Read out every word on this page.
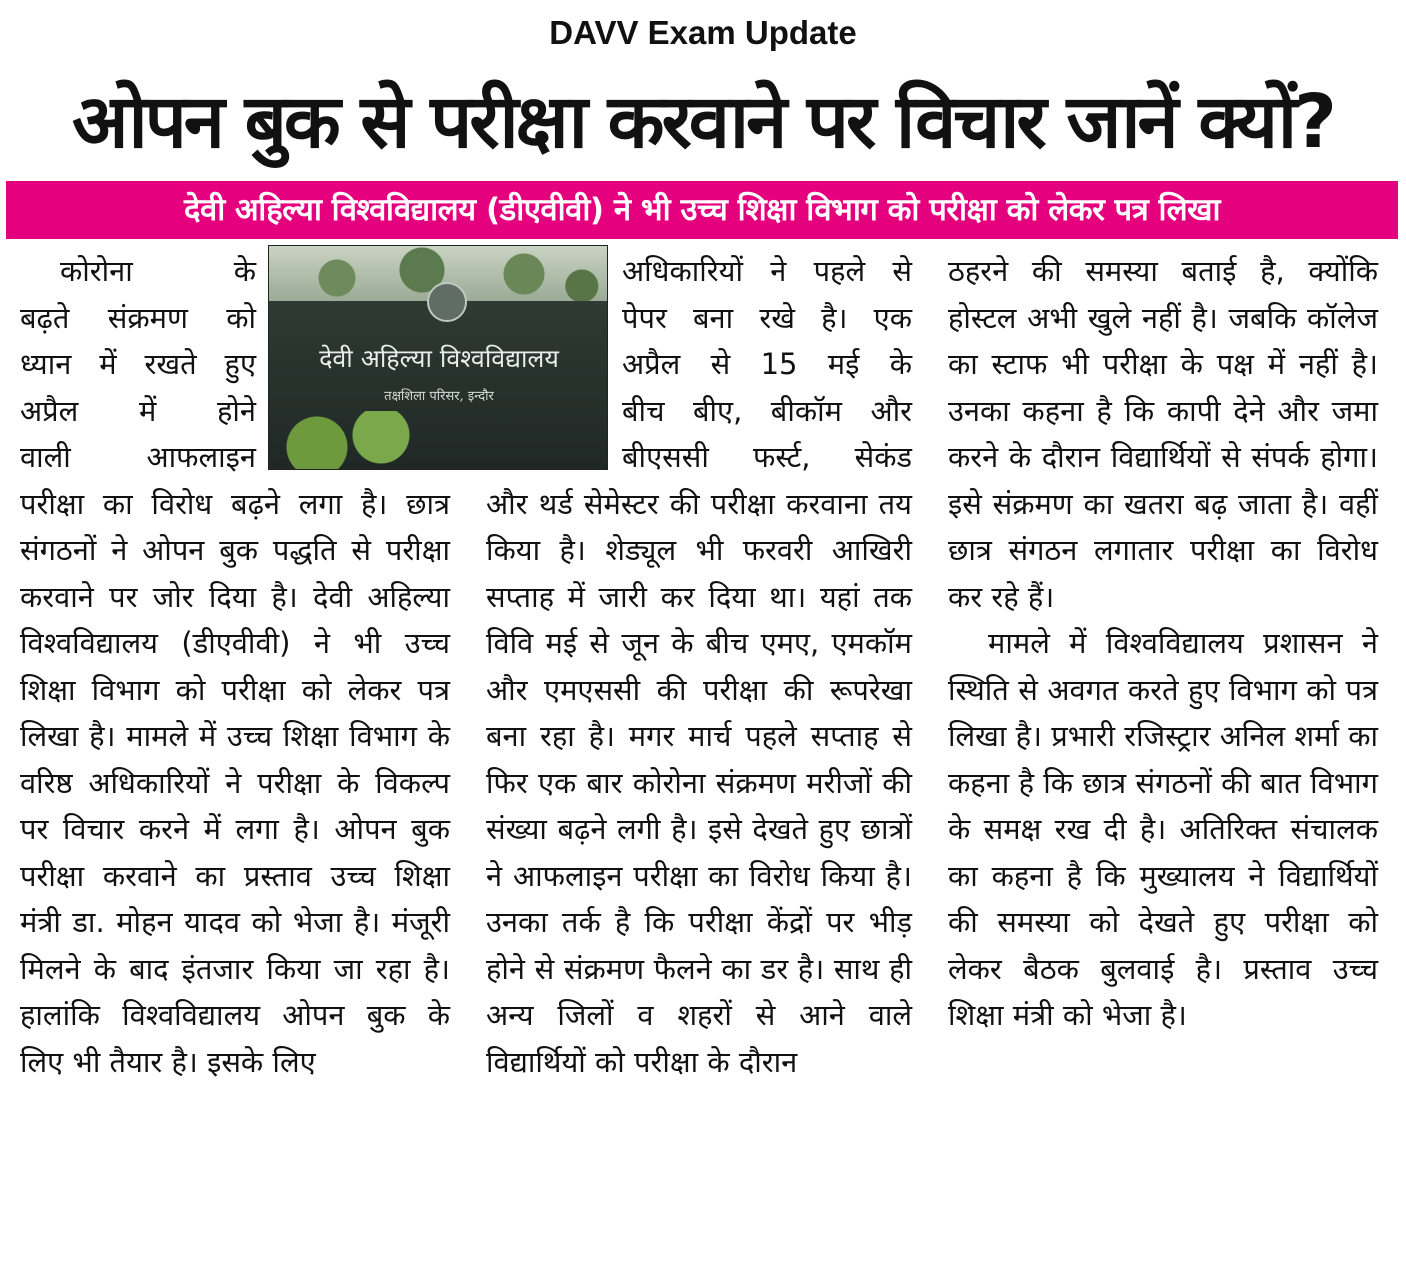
DAVV Exam Update
ओपन बुक से परीक्षा करवाने पर विचार जानें क्यों?
देवी अहिल्या विश्वविद्यालय (डीएवीवी) ने भी उच्च शिक्षा विभाग को परीक्षा को लेकर पत्र लिखा
देवी अहिल्या विश्वविद्यालय
तक्षशिला परिसर, इन्दौर

कोरोना के

बढ़ते संक्रमण को

ध्यान में रखते हुए

अप्रैल में होने

वाली आफलाइन

परीक्षा का विरोध बढ़ने लगा है। छात्र संगठनों ने ओपन बुक पद्धति से परीक्षा करवाने पर जोर दिया है। देवी अहिल्या विश्वविद्यालय (डीएवीवी) ने भी उच्च शिक्षा विभाग को परीक्षा को लेकर पत्र लिखा है। मामले में उच्च शिक्षा विभाग के वरिष्ठ अधिकारियों ने परीक्षा के विकल्प पर विचार करने में लगा है। ओपन बुक परीक्षा करवाने का प्रस्ताव उच्च शिक्षा मंत्री डा. मोहन यादव को भेजा है। मंजूरी मिलने के बाद इंतजार किया जा रहा है। हालांकि विश्वविद्यालय ओपन बुक के लिए भी तैयार है। इसके लिए

अधिकारियों ने पहले से

पेपर बना रखे है। एक

अप्रैल से 15 मई के

बीच बीए, बीकॉम और

बीएससी फर्स्ट, सेकंड

और थर्ड सेमेस्टर की परीक्षा करवाना तय किया है। शेड्यूल भी फरवरी आखिरी सप्ताह में जारी कर दिया था। यहां तक विवि मई से जून के बीच एमए, एमकॉम और एमएससी की परीक्षा की रूपरेखा बना रहा है। मगर मार्च पहले सप्ताह से फिर एक बार कोरोना संक्रमण मरीजों की संख्या बढ़ने लगी है। इसे देखते हुए छात्रों ने आफलाइन परीक्षा का विरोध किया है। उनका तर्क है कि परीक्षा केंद्रों पर भीड़ होने से संक्रमण फैलने का डर है। साथ ही अन्य जिलों व शहरों से आने वाले विद्यार्थियों को परीक्षा के दौरान

ठहरने की समस्या बताई है, क्योंकि होस्टल अभी खुले नहीं है। जबकि कॉलेज का स्टाफ भी परीक्षा के पक्ष में नहीं है। उनका कहना है कि कापी देने और जमा करने के दौरान विद्यार्थियों से संपर्क होगा। इसे संक्रमण का खतरा बढ़ जाता है। वहीं छात्र संगठन लगातार परीक्षा का विरोध कर रहे हैं।

मामले में विश्वविद्यालय प्रशासन ने स्थिति से अवगत करते हुए विभाग को पत्र लिखा है। प्रभारी रजिस्ट्रार अनिल शर्मा का कहना है कि छात्र संगठनों की बात विभाग के समक्ष रख दी है। अतिरिक्त संचालक का कहना है कि मुख्यालय ने विद्यार्थियों की समस्या को देखते हुए परीक्षा को लेकर बैठक बुलवाई है। प्रस्ताव उच्च शिक्षा मंत्री को भेजा है।
